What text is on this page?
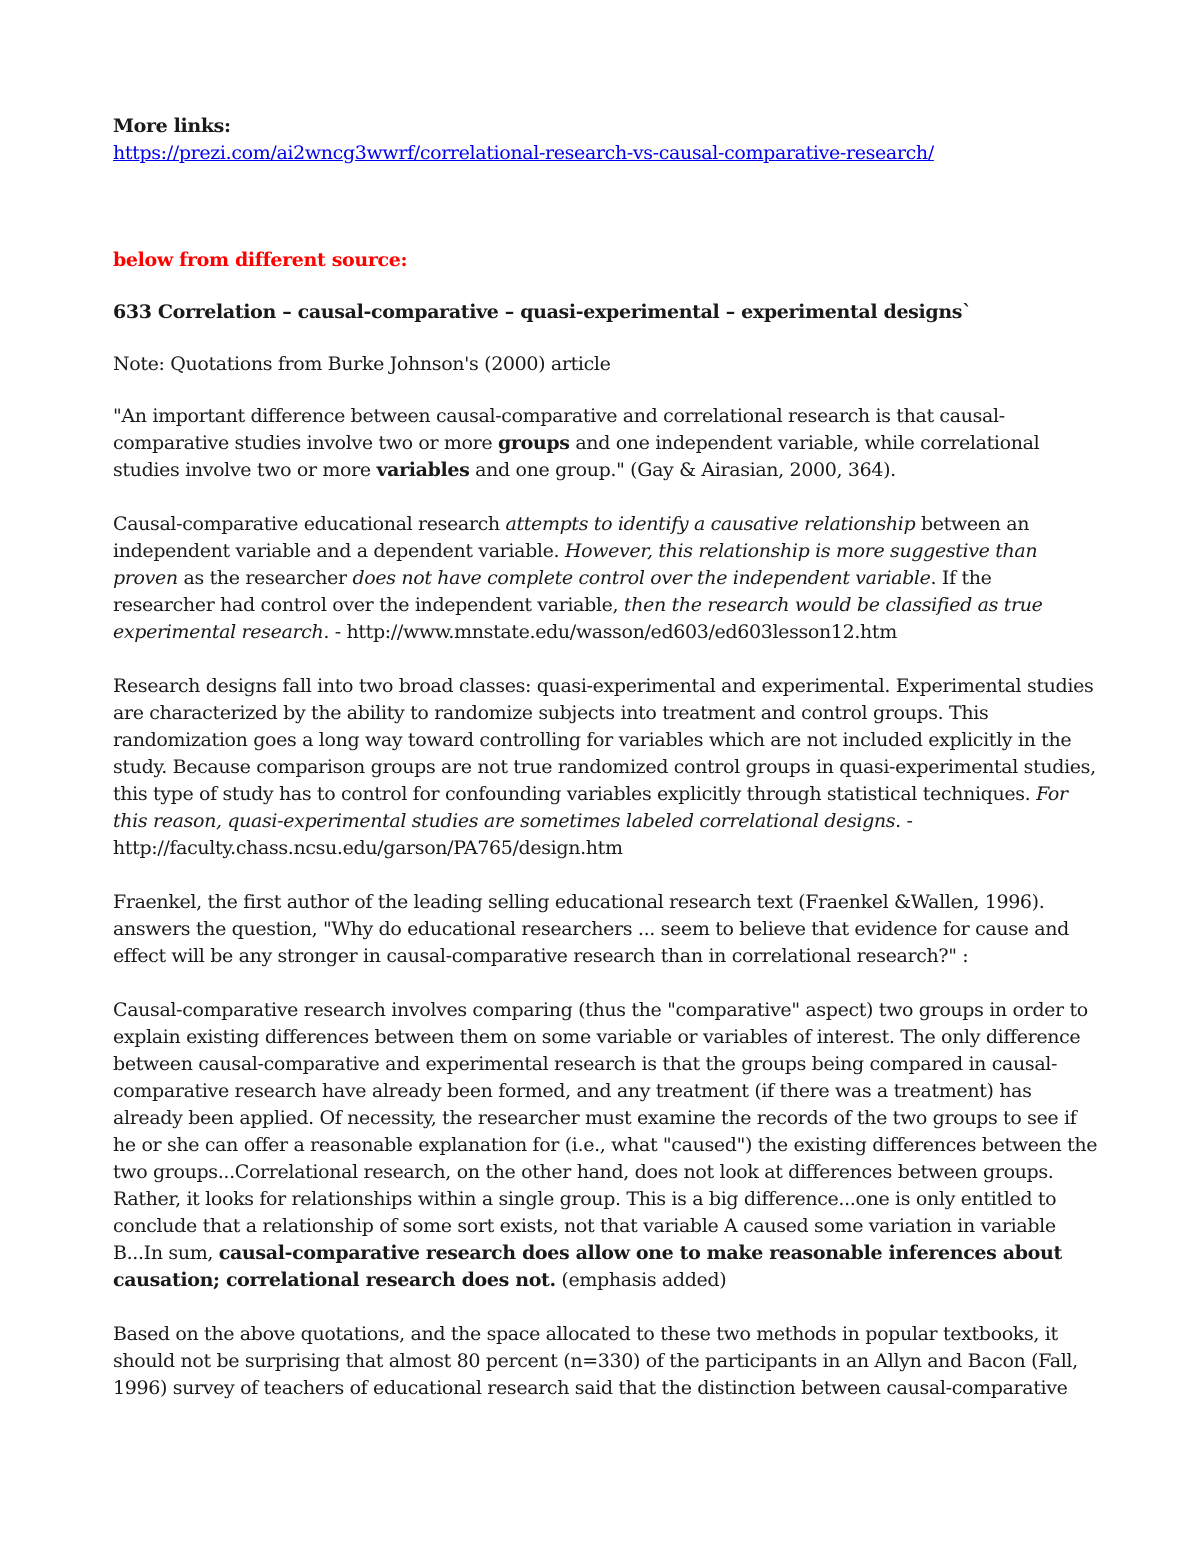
More links:

https://prezi.com/ai2wncg3wwrf/correlational-research-vs-causal-comparative-research/

below from different source:

633 Correlation – causal-comparative – quasi-experimental – experimental designs`

Note: Quotations from Burke Johnson's (2000) article

"An important difference between causal-comparative and correlational research is that causal-comparative studies involve two or more groups and one independent variable, while correlational studies involve two or more variables and one group." (Gay & Airasian, 2000, 364).

Causal-comparative educational research attempts to identify a causative relationship between an independent variable and a dependent variable. However, this relationship is more suggestive than proven as the researcher does not have complete control over the independent variable. If the researcher had control over the independent variable, then the research would be classified as true experimental research. - http://www.mnstate.edu/wasson/ed603/ed603lesson12.htm

Research designs fall into two broad classes: quasi-experimental and experimental. Experimental studies are characterized by the ability to randomize subjects into treatment and control groups. This randomization goes a long way toward controlling for variables which are not included explicitly in the study. Because comparison groups are not true randomized control groups in quasi-experimental studies, this type of study has to control for confounding variables explicitly through statistical techniques. For this reason, quasi-experimental studies are sometimes labeled correlational designs. - http://faculty.chass.ncsu.edu/garson/PA765/design.htm

Fraenkel, the first author of the leading selling educational research text (Fraenkel &Wallen, 1996). answers the question, "Why do educational researchers ... seem to believe that evidence for cause and effect will be any stronger in causal-comparative research than in correlational research?" :

Causal-comparative research involves comparing (thus the "comparative" aspect) two groups in order to explain existing differences between them on some variable or variables of interest. The only difference between causal-comparative and experimental research is that the groups being compared in causal-comparative research have already been formed, and any treatment (if there was a treatment) has already been applied. Of necessity, the researcher must examine the records of the two groups to see if he or she can offer a reasonable explanation for (i.e., what "caused") the existing differences between the two groups...Correlational research, on the other hand, does not look at differences between groups. Rather, it looks for relationships within a single group. This is a big difference...one is only entitled to conclude that a relationship of some sort exists, not that variable A caused some variation in variable B...In sum, causal-comparative research does allow one to make reasonable inferences about causation; correlational research does not. (emphasis added)

Based on the above quotations, and the space allocated to these two methods in popular textbooks, it should not be surprising that almost 80 percent (n=330) of the participants in an Allyn and Bacon (Fall, 1996) survey of teachers of educational research said that the distinction between causal-comparative
